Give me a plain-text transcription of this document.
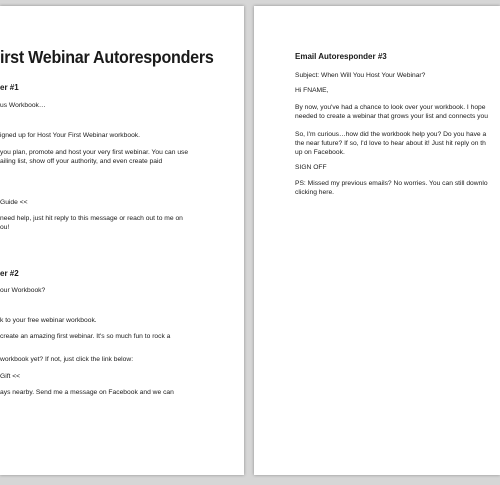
irst Webinar Autoresponders
er #1
us Workbook…
igned up for Host Your First Webinar workbook.
you plan, promote and host your very first webinar. You can use
ailing list, show off your authority, and even create paid
Guide <<
need help, just hit reply to this message or reach out to me on
ou!
er #2
our Workbook?
k to your free webinar workbook.
create an amazing first webinar. It's so much fun to rock a
workbook yet? If not, just click the link below:
Gift <<
ays nearby. Send me a message on Facebook and we can
Email Autoresponder #3
Subject: When Will You Host Your Webinar?
Hi FNAME,
By now, you've had a chance to look over your workbook. I hope
needed to create a webinar that grows your list and connects you
So, I'm curious…how did the workbook help you? Do you have a
the near future? If so, I'd love to hear about it! Just hit reply on th
up on Facebook.
SIGN OFF
PS: Missed my previous emails? No worries. You can still downlo
clicking here.
